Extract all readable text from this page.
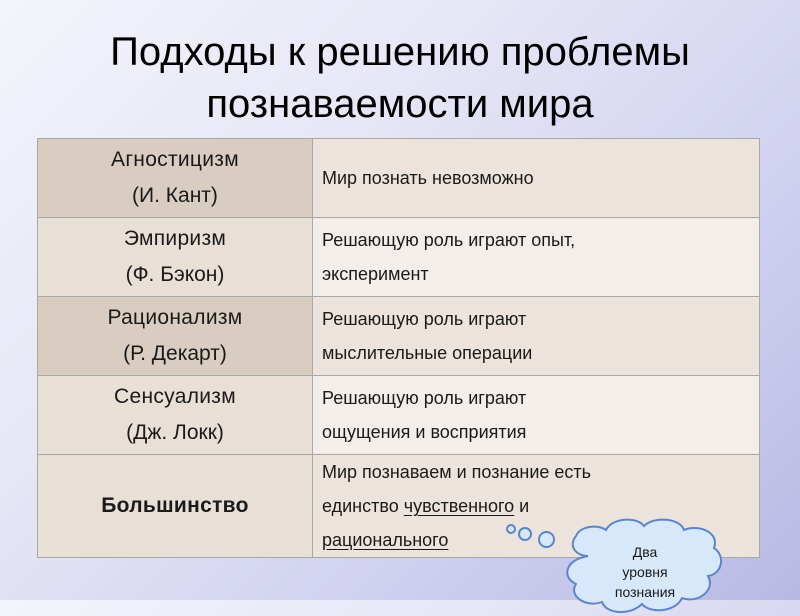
Подходы к решению проблемы
познаваемости мира
Агностицизм
(И. Кант)	Мир познать невозможно

Эмпиризм
(Ф. Бэкон)	Решающую роль играют опыт,
эксперимент

Рационализм
(Р. Декарт)	Решающую роль играют
мыслительные операции

Сенсуализм
(Дж. Локк)	Решающую роль играют
ощущения и восприятия

Большинство	Мир познаваем и познание есть
единство чувственного и
рационального
Два
уровня
познания
